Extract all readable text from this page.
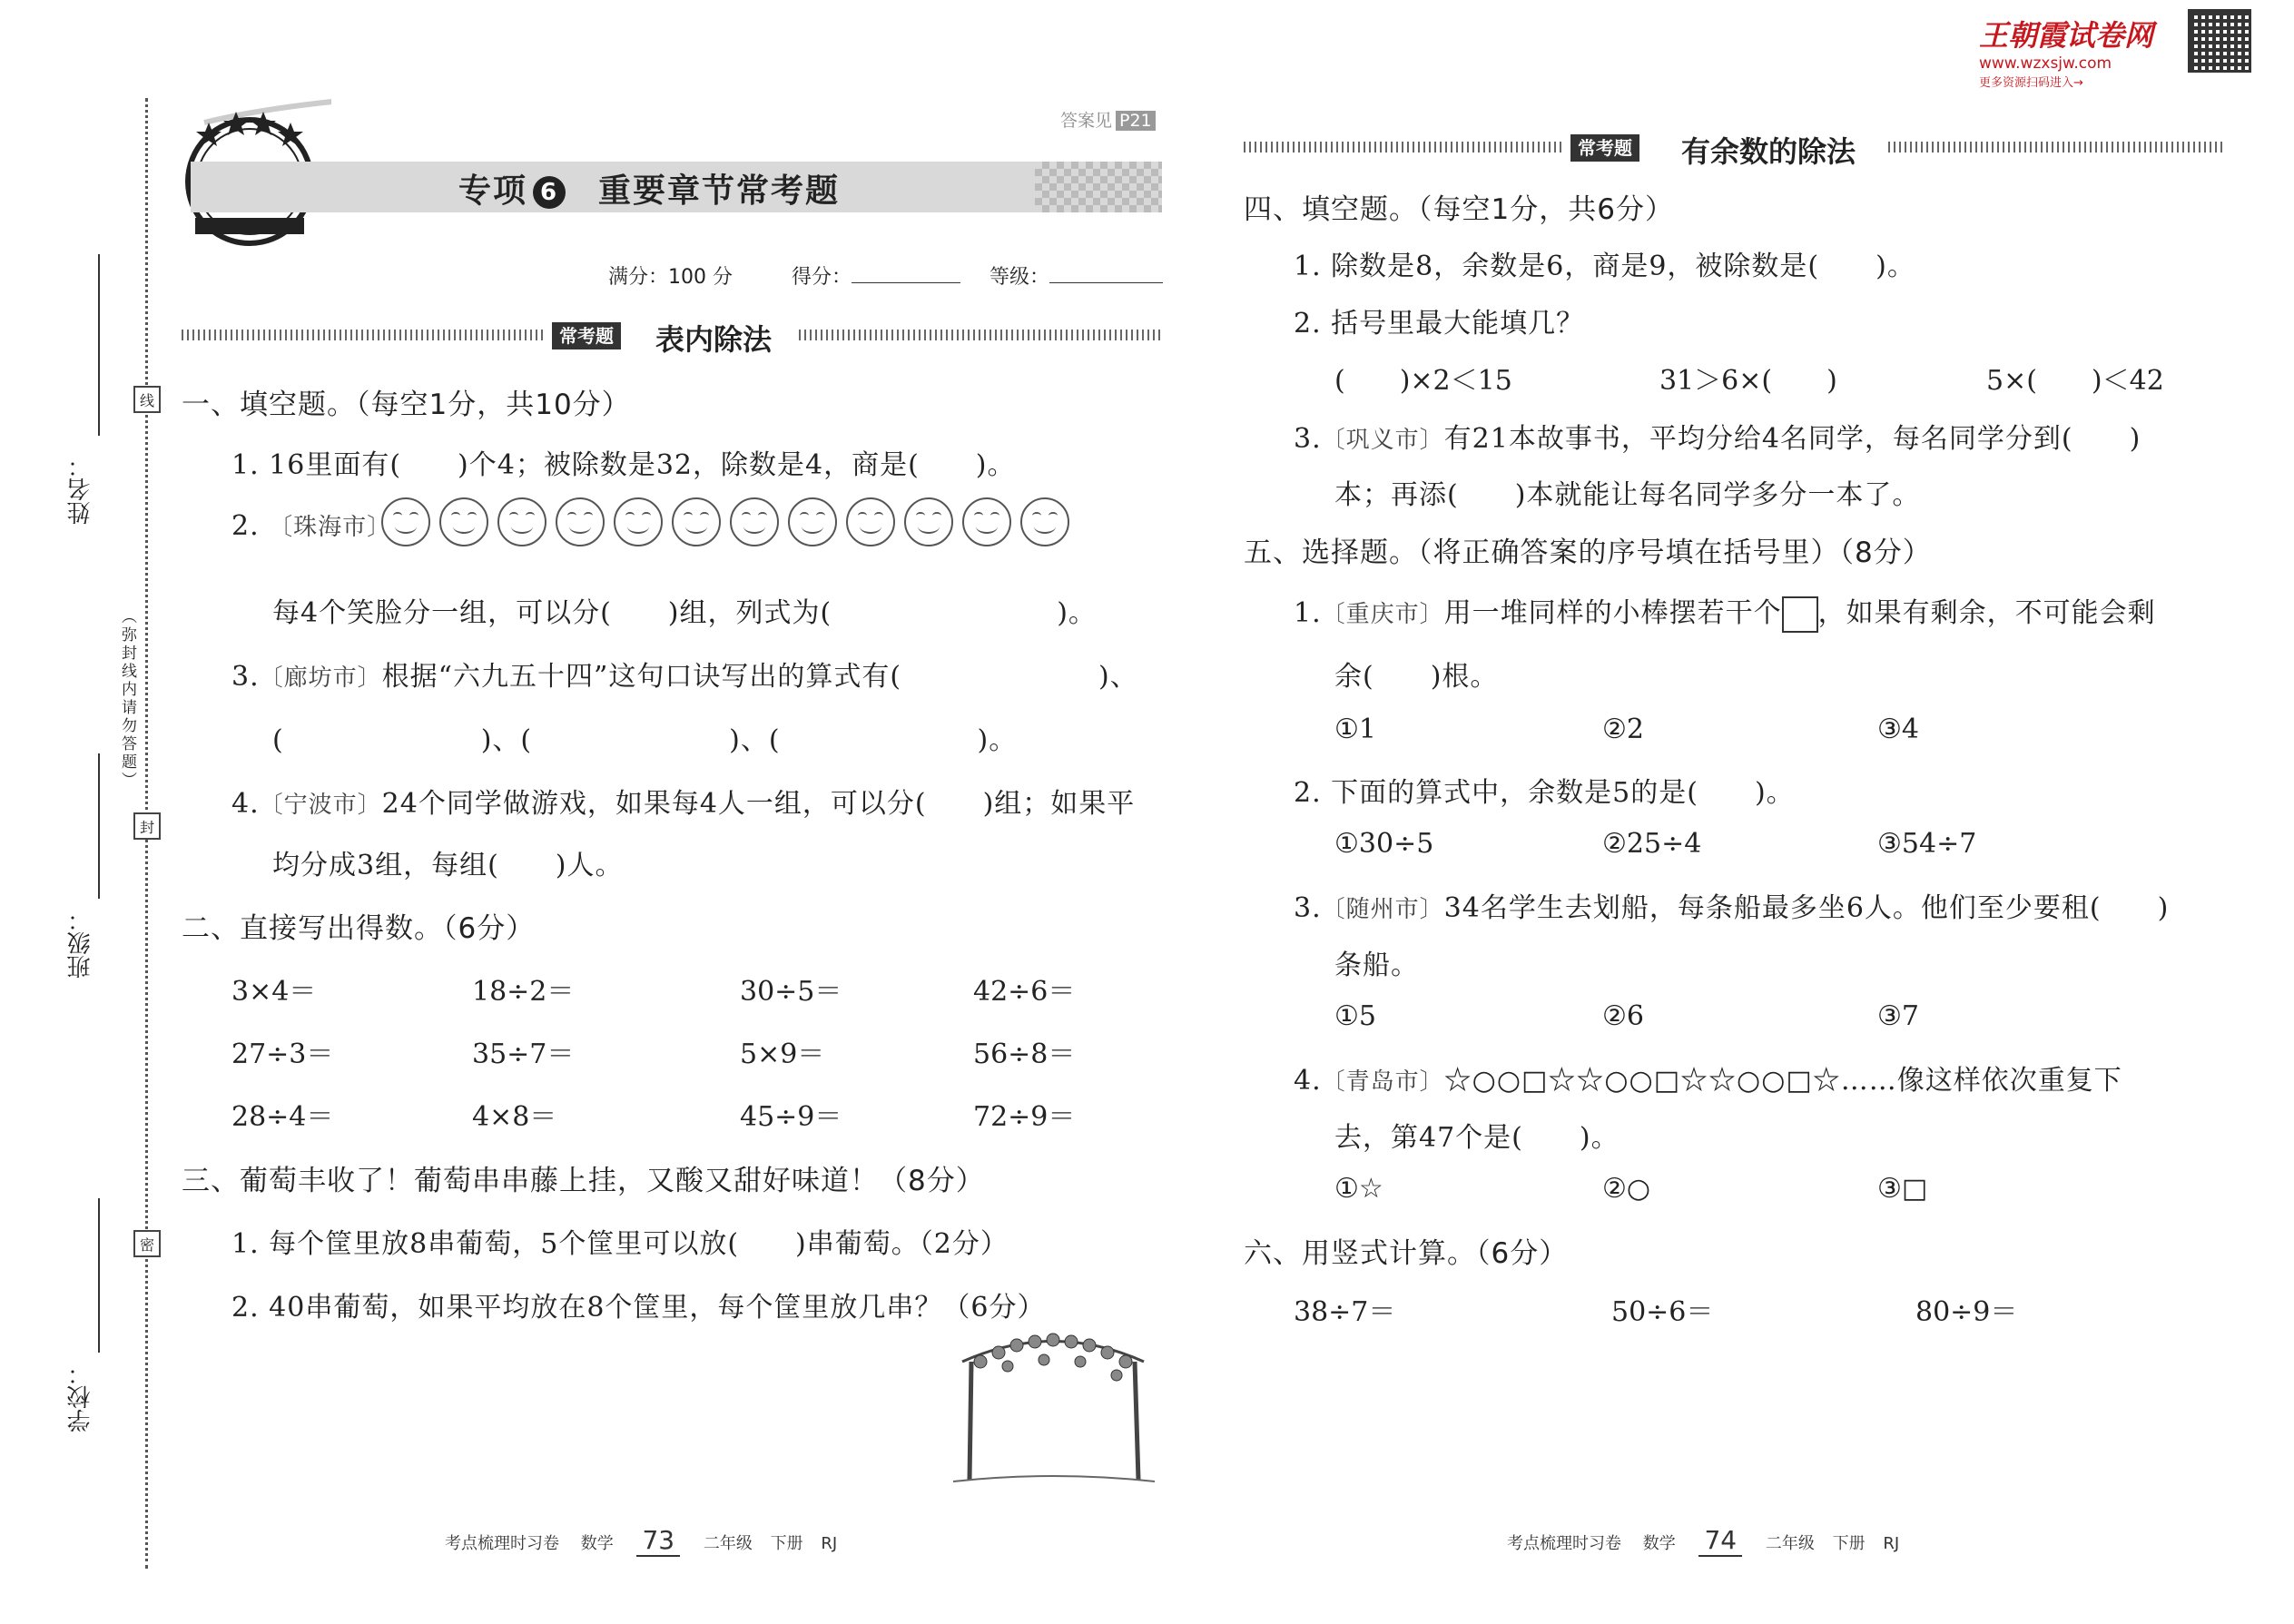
王朝霞试卷网
www.wzxsjw.com
更多资源扫码进入→
姓名：
班级：
学校：
（弥封线内请勿答题）
线
封
密
答案见 P21
专项 6 重要章节常考题
满分：100 分	得分：	等级：
常考题 表内除法
一、填空题。（每空1分，共10分）
1. 16里面有(　　)个4；被除数是32，除数是4，商是(　　)。
2. 〔珠海市〕
每4个笑脸分一组，可以分(　　)组，列式为(　　　　　　　　)。
3.〔廊坊市〕根据“六九五十四”这句口诀写出的算式有(　　　　　　　)、
(　　　　　　　)、(　　　　　　　)、(　　　　　　　)。
4.〔宁波市〕24个同学做游戏，如果每4人一组，可以分(　　)组；如果平
均分成3组，每组(　　)人。
二、直接写出得数。（6分）
3×4＝	18÷2＝	30÷5＝	42÷6＝
27÷3＝	35÷7＝	5×9＝	56÷8＝
28÷4＝	4×8＝	45÷9＝	72÷9＝
三、葡萄丰收了！葡萄串串藤上挂，又酸又甜好味道！（8分）
1. 每个筐里放8串葡萄，5个筐里可以放(　　)串葡萄。（2分）
2. 40串葡萄，如果平均放在8个筐里，每个筐里放几串？（6分）
考点梳理时习卷 数学 73 二年级 下册 RJ
常考题 有余数的除法
四、填空题。（每空1分，共6分）
1. 除数是8，余数是6，商是9，被除数是(　　)。
2. 括号里最大能填几？
(　　)×2＜15	31＞6×(　　)	5×(　　)＜42
3.〔巩义市〕有21本故事书，平均分给4名同学，每名同学分到(　　)
本；再添(　　)本就能让每名同学多分一本了。
五、选择题。（将正确答案的序号填在括号里）（8分）
1.〔重庆市〕用一堆同样的小棒摆若干个 ，如果有剩余，不可能会剩
余(　　)根。
①1	②2	③4
2. 下面的算式中，余数是5的是(　　)。
①30÷5	②25÷4	③54÷7
3.〔随州市〕34名学生去划船，每条船最多坐6人。他们至少要租(　　)
条船。
①5	②6	③7
4.〔青岛市〕☆○○□☆☆○○□☆☆○○□☆……像这样依次重复下
去，第47个是(　　)。
①☆	②○	③□
六、用竖式计算。（6分）
38÷7＝	50÷6＝	80÷9＝
考点梳理时习卷 数学 74 二年级 下册 RJ
